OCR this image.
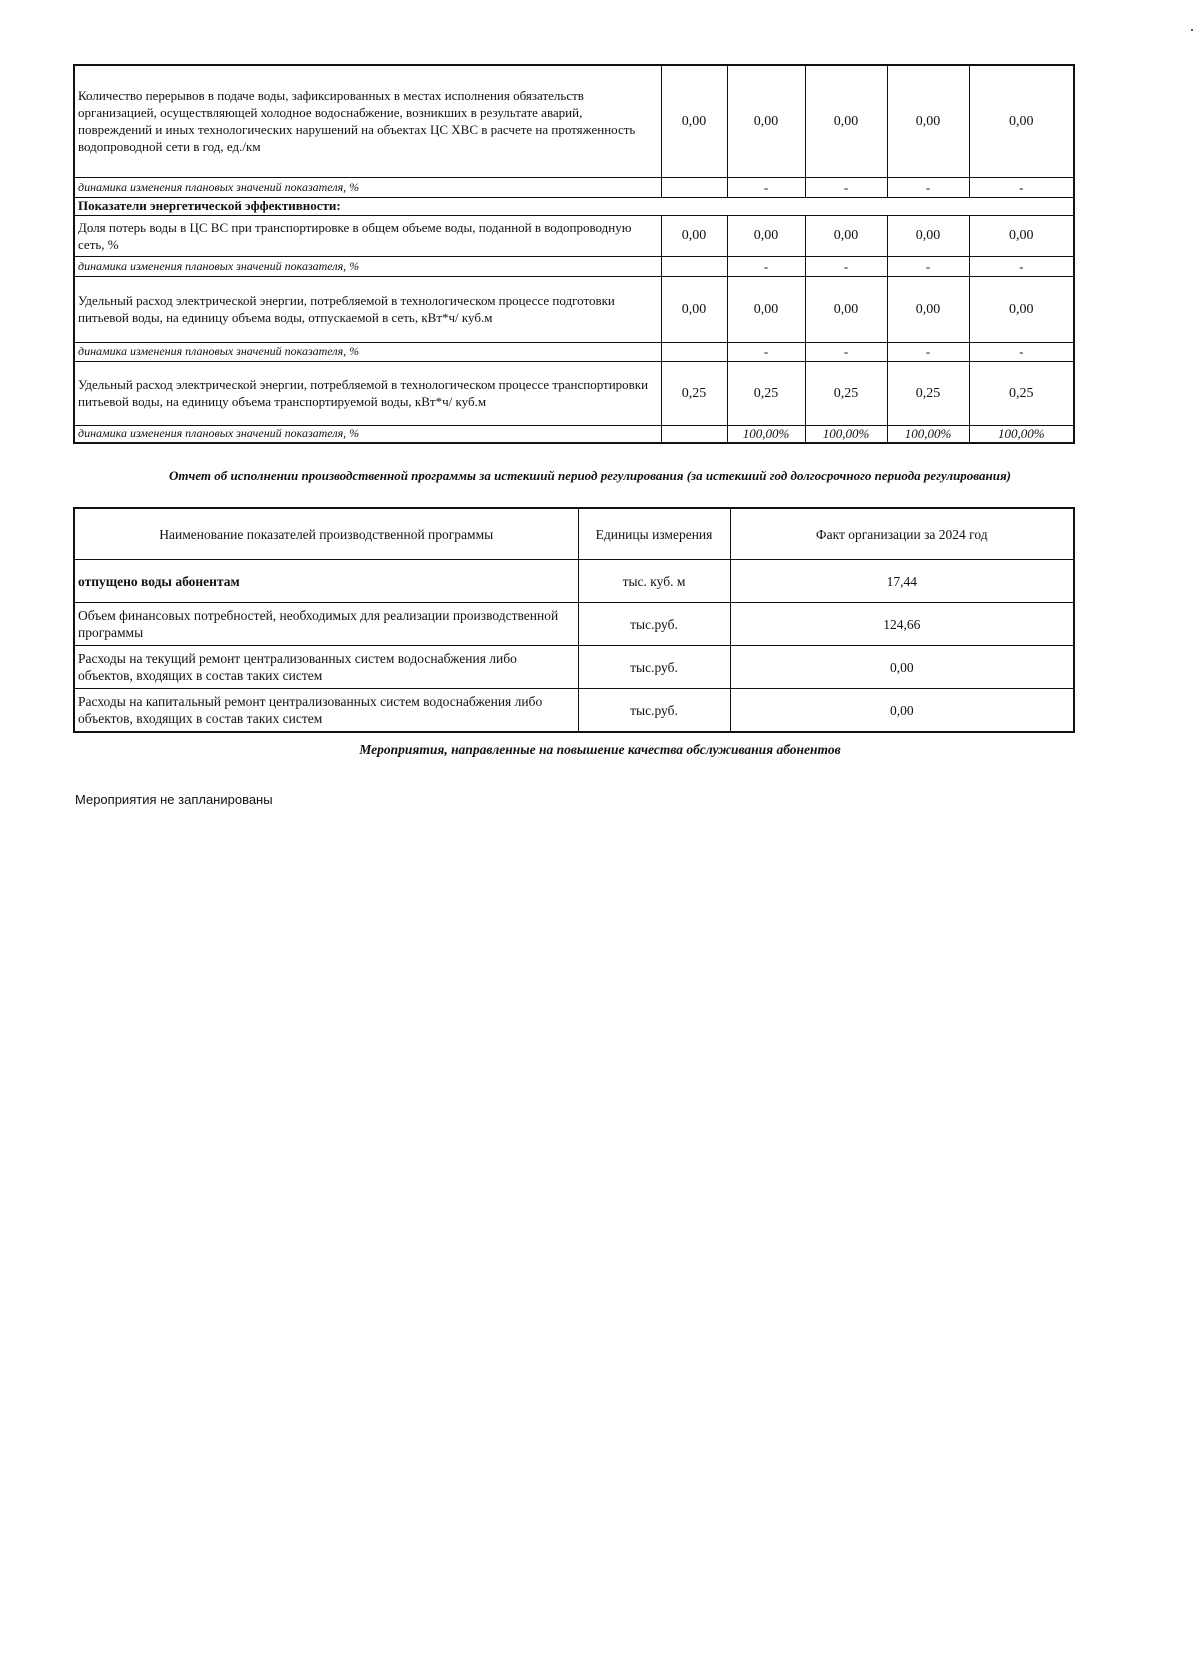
Количество перерывов в подаче воды, зафиксированных в местах исполнения обязательств организацией, осуществляющей холодное водоснабжение, возникших в результате аварий, повреждений и иных технологических нарушений на объектах ЦС ХВС в расчете на протяженность водопроводной сети в год, ед./км	0,00	0,00	0,00	0,00	0,00
динамика изменения плановых значений показателя, %		-	-	-	-
Показатели энергетической эффективности:					
Доля потерь воды в ЦС ВС при транспортировке в общем объеме воды, поданной в водопроводную сеть, %	0,00	0,00	0,00	0,00	0,00
динамика изменения плановых значений показателя, %		-	-	-	-
Удельный расход электрической энергии, потребляемой в технологическом процессе подготовки питьевой воды, на единицу объема воды, отпускаемой в сеть, кВт*ч/ куб.м	0,00	0,00	0,00	0,00	0,00
динамика изменения плановых значений показателя, %		-	-	-	-
Удельный расход электрической энергии, потребляемой в технологическом процессе транспортировки питьевой воды, на единицу объема транспортируемой воды, кВт*ч/ куб.м	0,25	0,25	0,25	0,25	0,25
динамика изменения плановых значений показателя, %		100,00%	100,00%	100,00%	100,00%
Отчет об исполнении производственной программы за истекший период регулирования (за истекший год долгосрочного периода регулирования)
Наименование показателей производственной программы	Единицы измерения	Факт организации за 2024 год
отпущено воды абонентам	тыс. куб. м	17,44
Объем финансовых потребностей, необходимых для реализации производственной программы	тыс.руб.	124,66
Расходы на текущий ремонт централизованных систем водоснабжения либо объектов, входящих в состав таких систем	тыс.руб.	0,00
Расходы на капитальный ремонт централизованных систем водоснабжения либо объектов, входящих в состав таких систем	тыс.руб.	0,00
Мероприятия, направленные на повышение качества обслуживания абонентов
Мероприятия не запланированы
